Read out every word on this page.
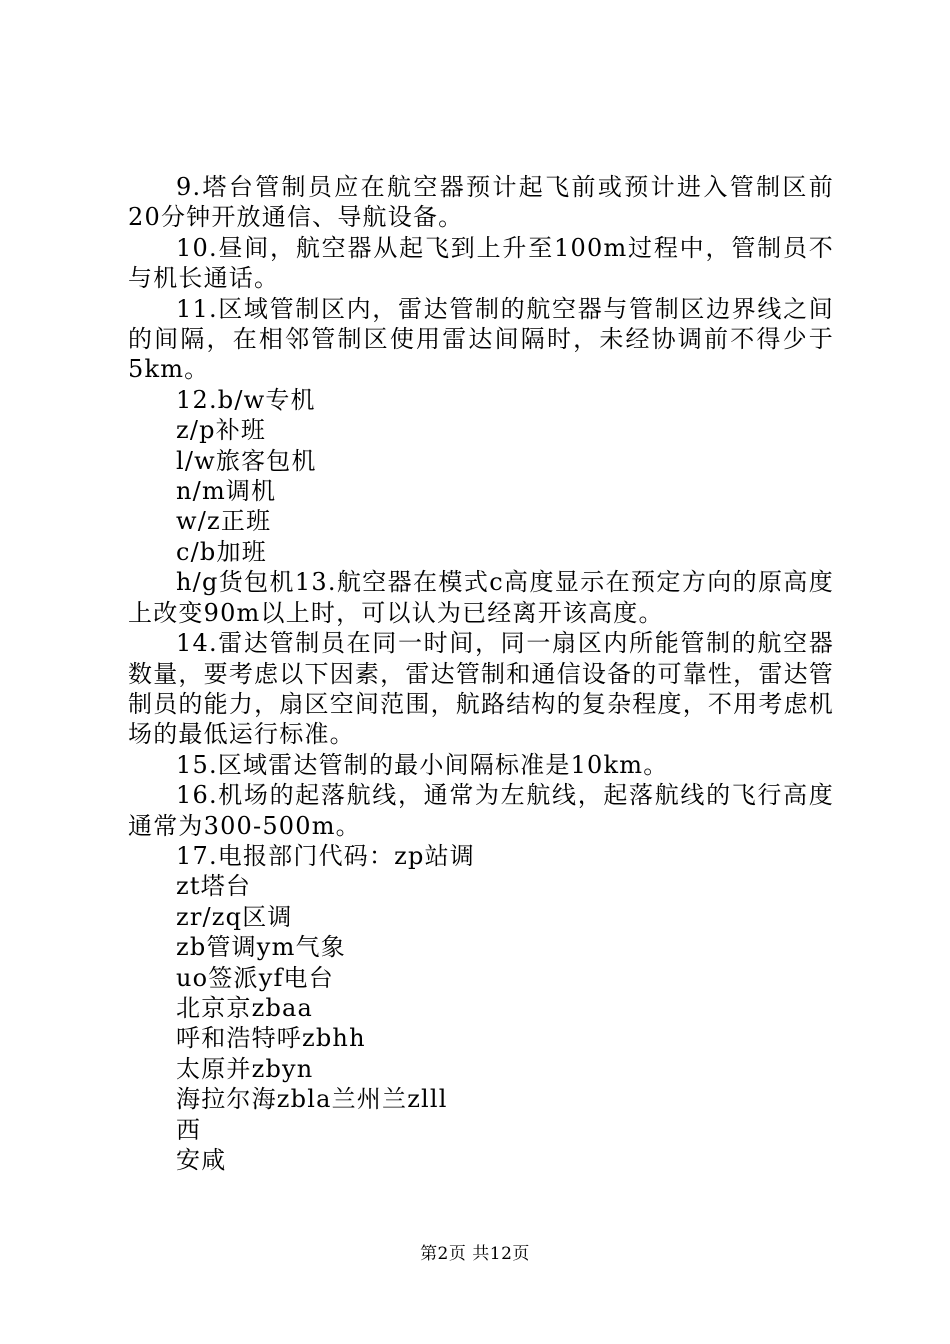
9.塔台管制员应在航空器预计起飞前或预计进入管制区前20分钟开放通信、导航设备。

10.昼间，航空器从起飞到上升至100m过程中，管制员不与机长通话。

11.区域管制区内，雷达管制的航空器与管制区边界线之间的间隔，在相邻管制区使用雷达间隔时，未经协调前不得少于5km。

12.b/w专机

z/p补班

l/w旅客包机

n/m调机

w/z正班

c/b加班

h/g货包机13.航空器在模式c高度显示在预定方向的原高度上改变90m以上时，可以认为已经离开该高度。

14.雷达管制员在同一时间，同一扇区内所能管制的航空器数量，要考虑以下因素，雷达管制和通信设备的可靠性，雷达管制员的能力，扇区空间范围，航路结构的复杂程度，不用考虑机场的最低运行标准。

15.区域雷达管制的最小间隔标准是10km。

16.机场的起落航线，通常为左航线，起落航线的飞行高度通常为300-500m。

17.电报部门代码：zp站调

zt塔台

zr/zq区调

zb管调ym气象

uo签派yf电台

北京京zbaa

呼和浩特呼zbhh

太原并zbyn

海拉尔海zbla兰州兰zlll

西

安咸

第2页 共12页
